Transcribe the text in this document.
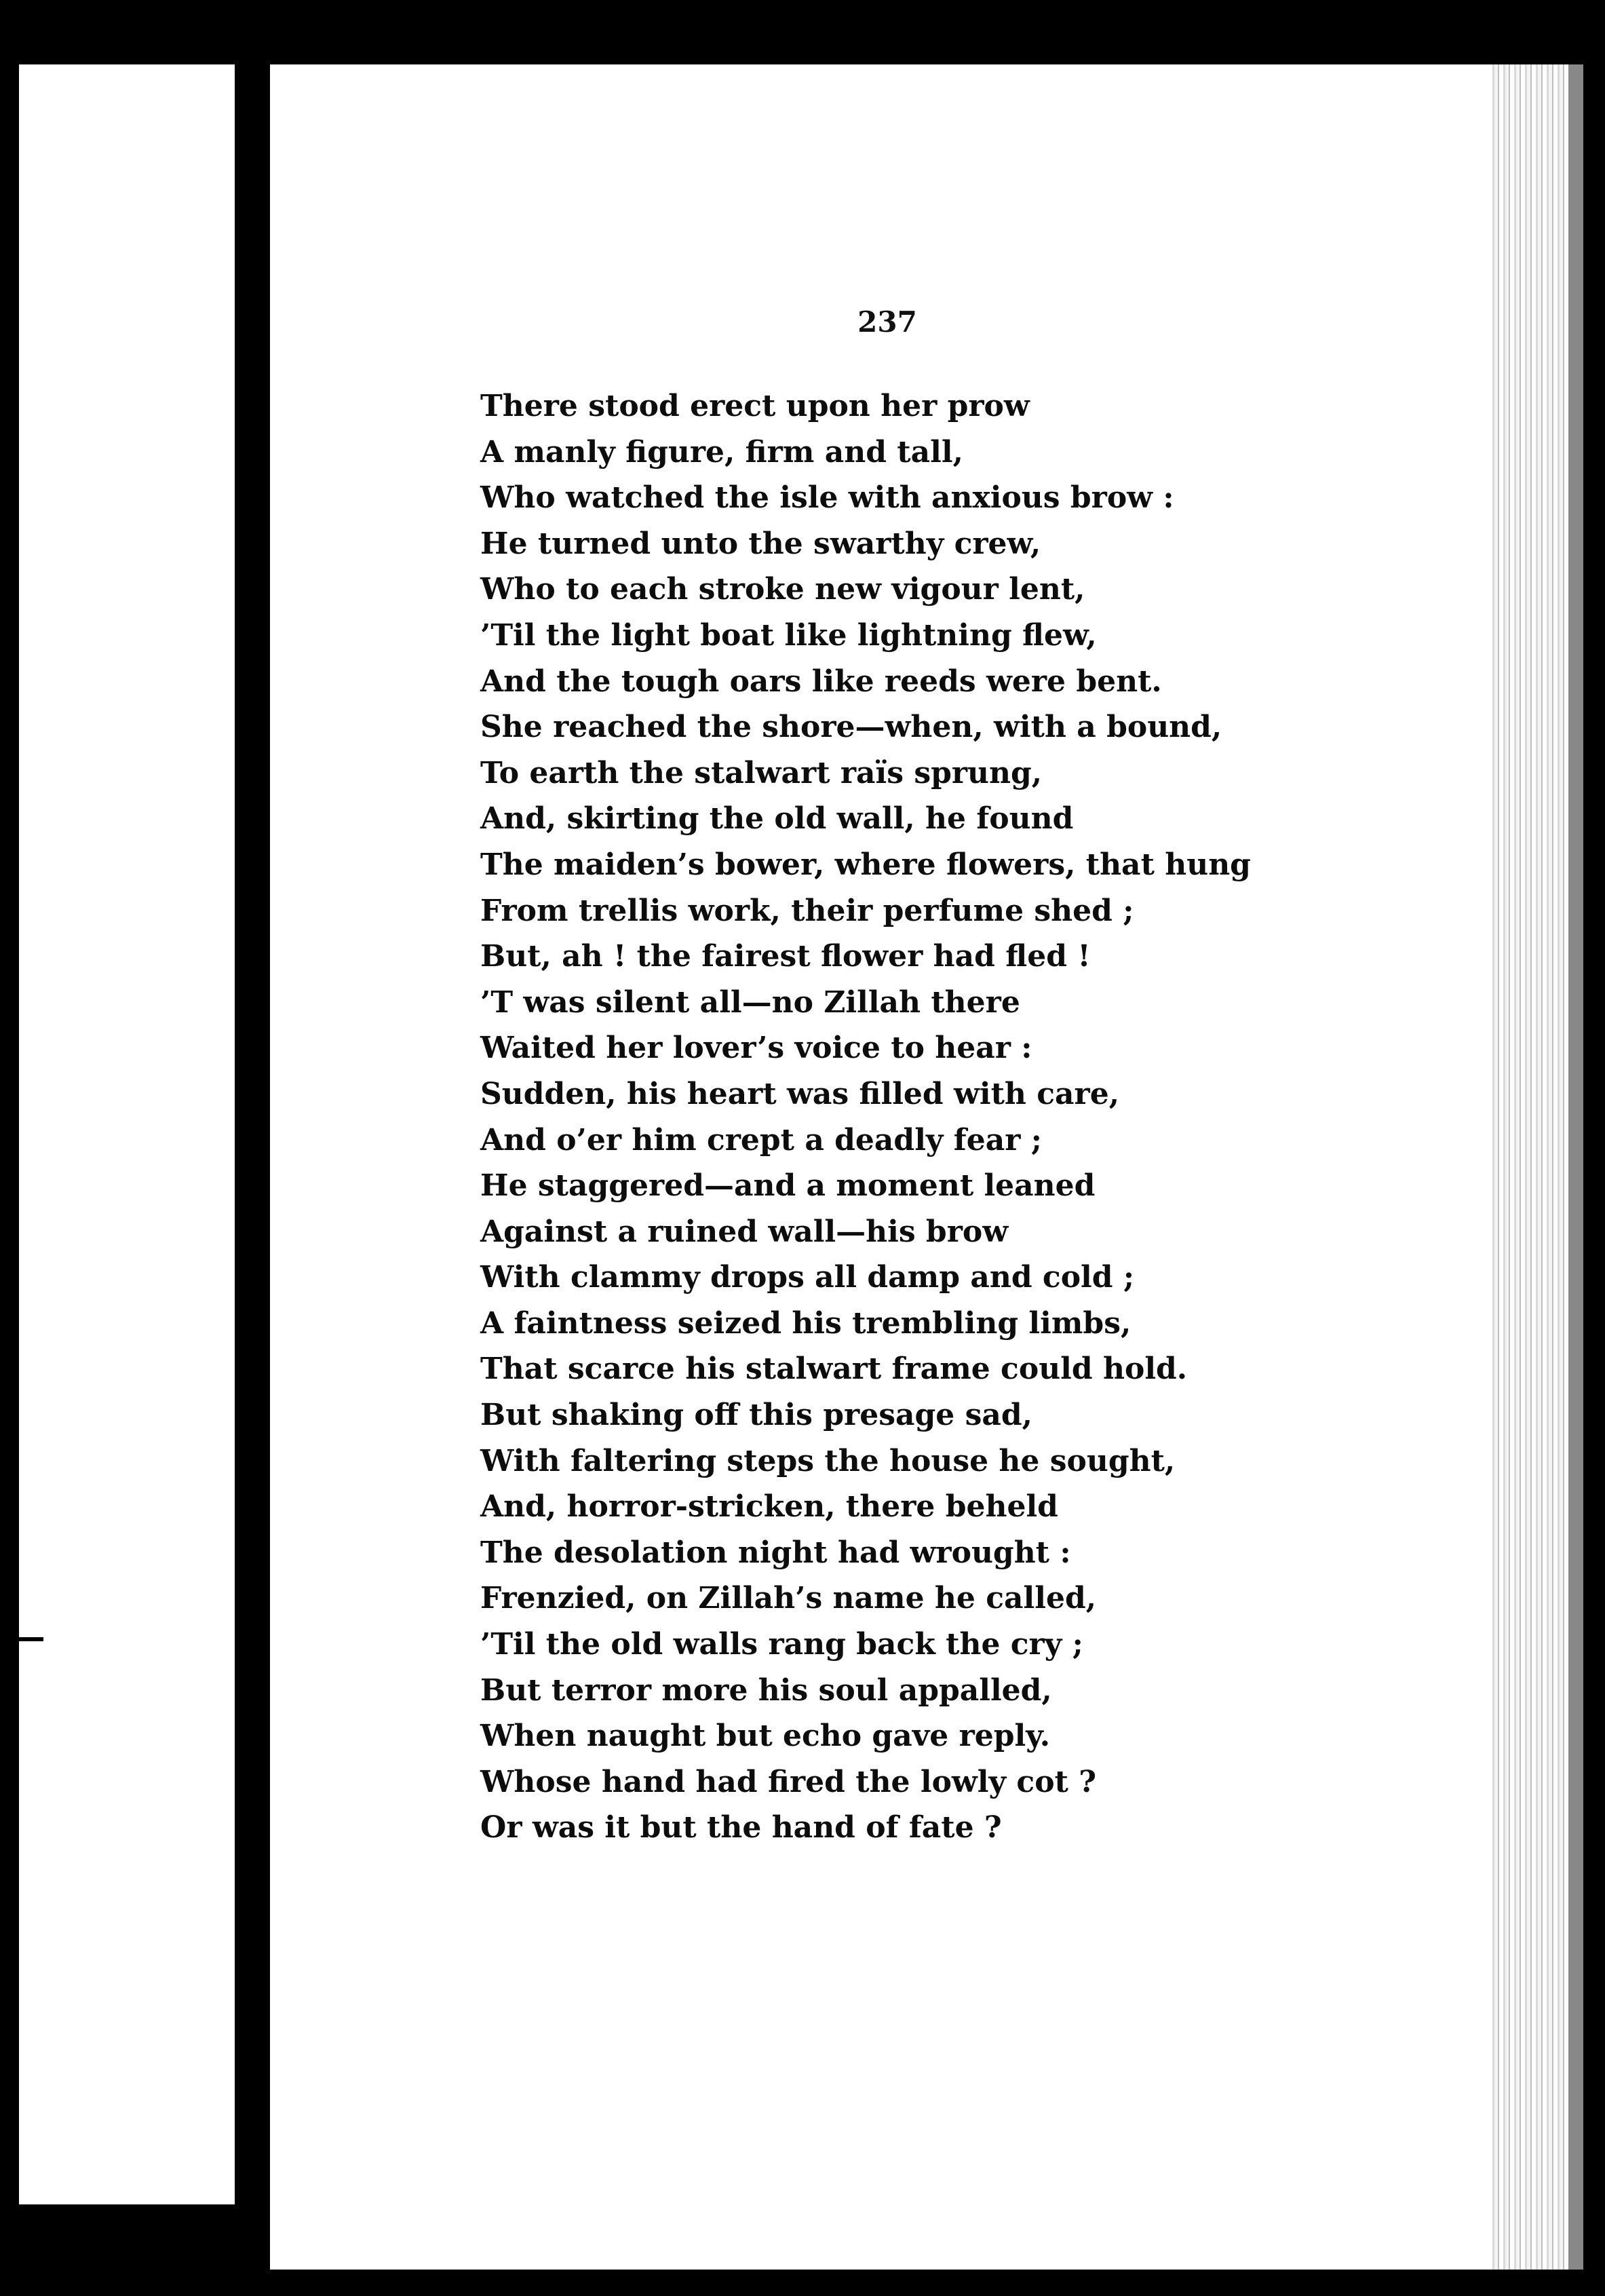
237

There stood erect upon her prow
A manly figure, firm and tall,
Who watched the isle with anxious brow :
He turned unto the swarthy crew,
Who to each stroke new vigour lent,
’Til the light boat like lightning flew,
And the tough oars like reeds were bent.
She reached the shore—when, with a bound,
To earth the stalwart raïs sprung,
And, skirting the old wall, he found
The maiden’s bower, where flowers, that hung
From trellis work, their perfume shed ;
But, ah ! the fairest flower had fled !
’T was silent all—no Zillah there
Waited her lover’s voice to hear :
Sudden, his heart was filled with care,
And o’er him crept a deadly fear ;
He staggered—and a moment leaned
Against a ruined wall—his brow
With clammy drops all damp and cold ;
A faintness seized his trembling limbs,
That scarce his stalwart frame could hold.
But shaking off this presage sad,
With faltering steps the house he sought,
And, horror-stricken, there beheld
The desolation night had wrought :
Frenzied, on Zillah’s name he called,
’Til the old walls rang back the cry ;
But terror more his soul appalled,
When naught but echo gave reply.
Whose hand had fired the lowly cot ?
Or was it but the hand of fate ?
